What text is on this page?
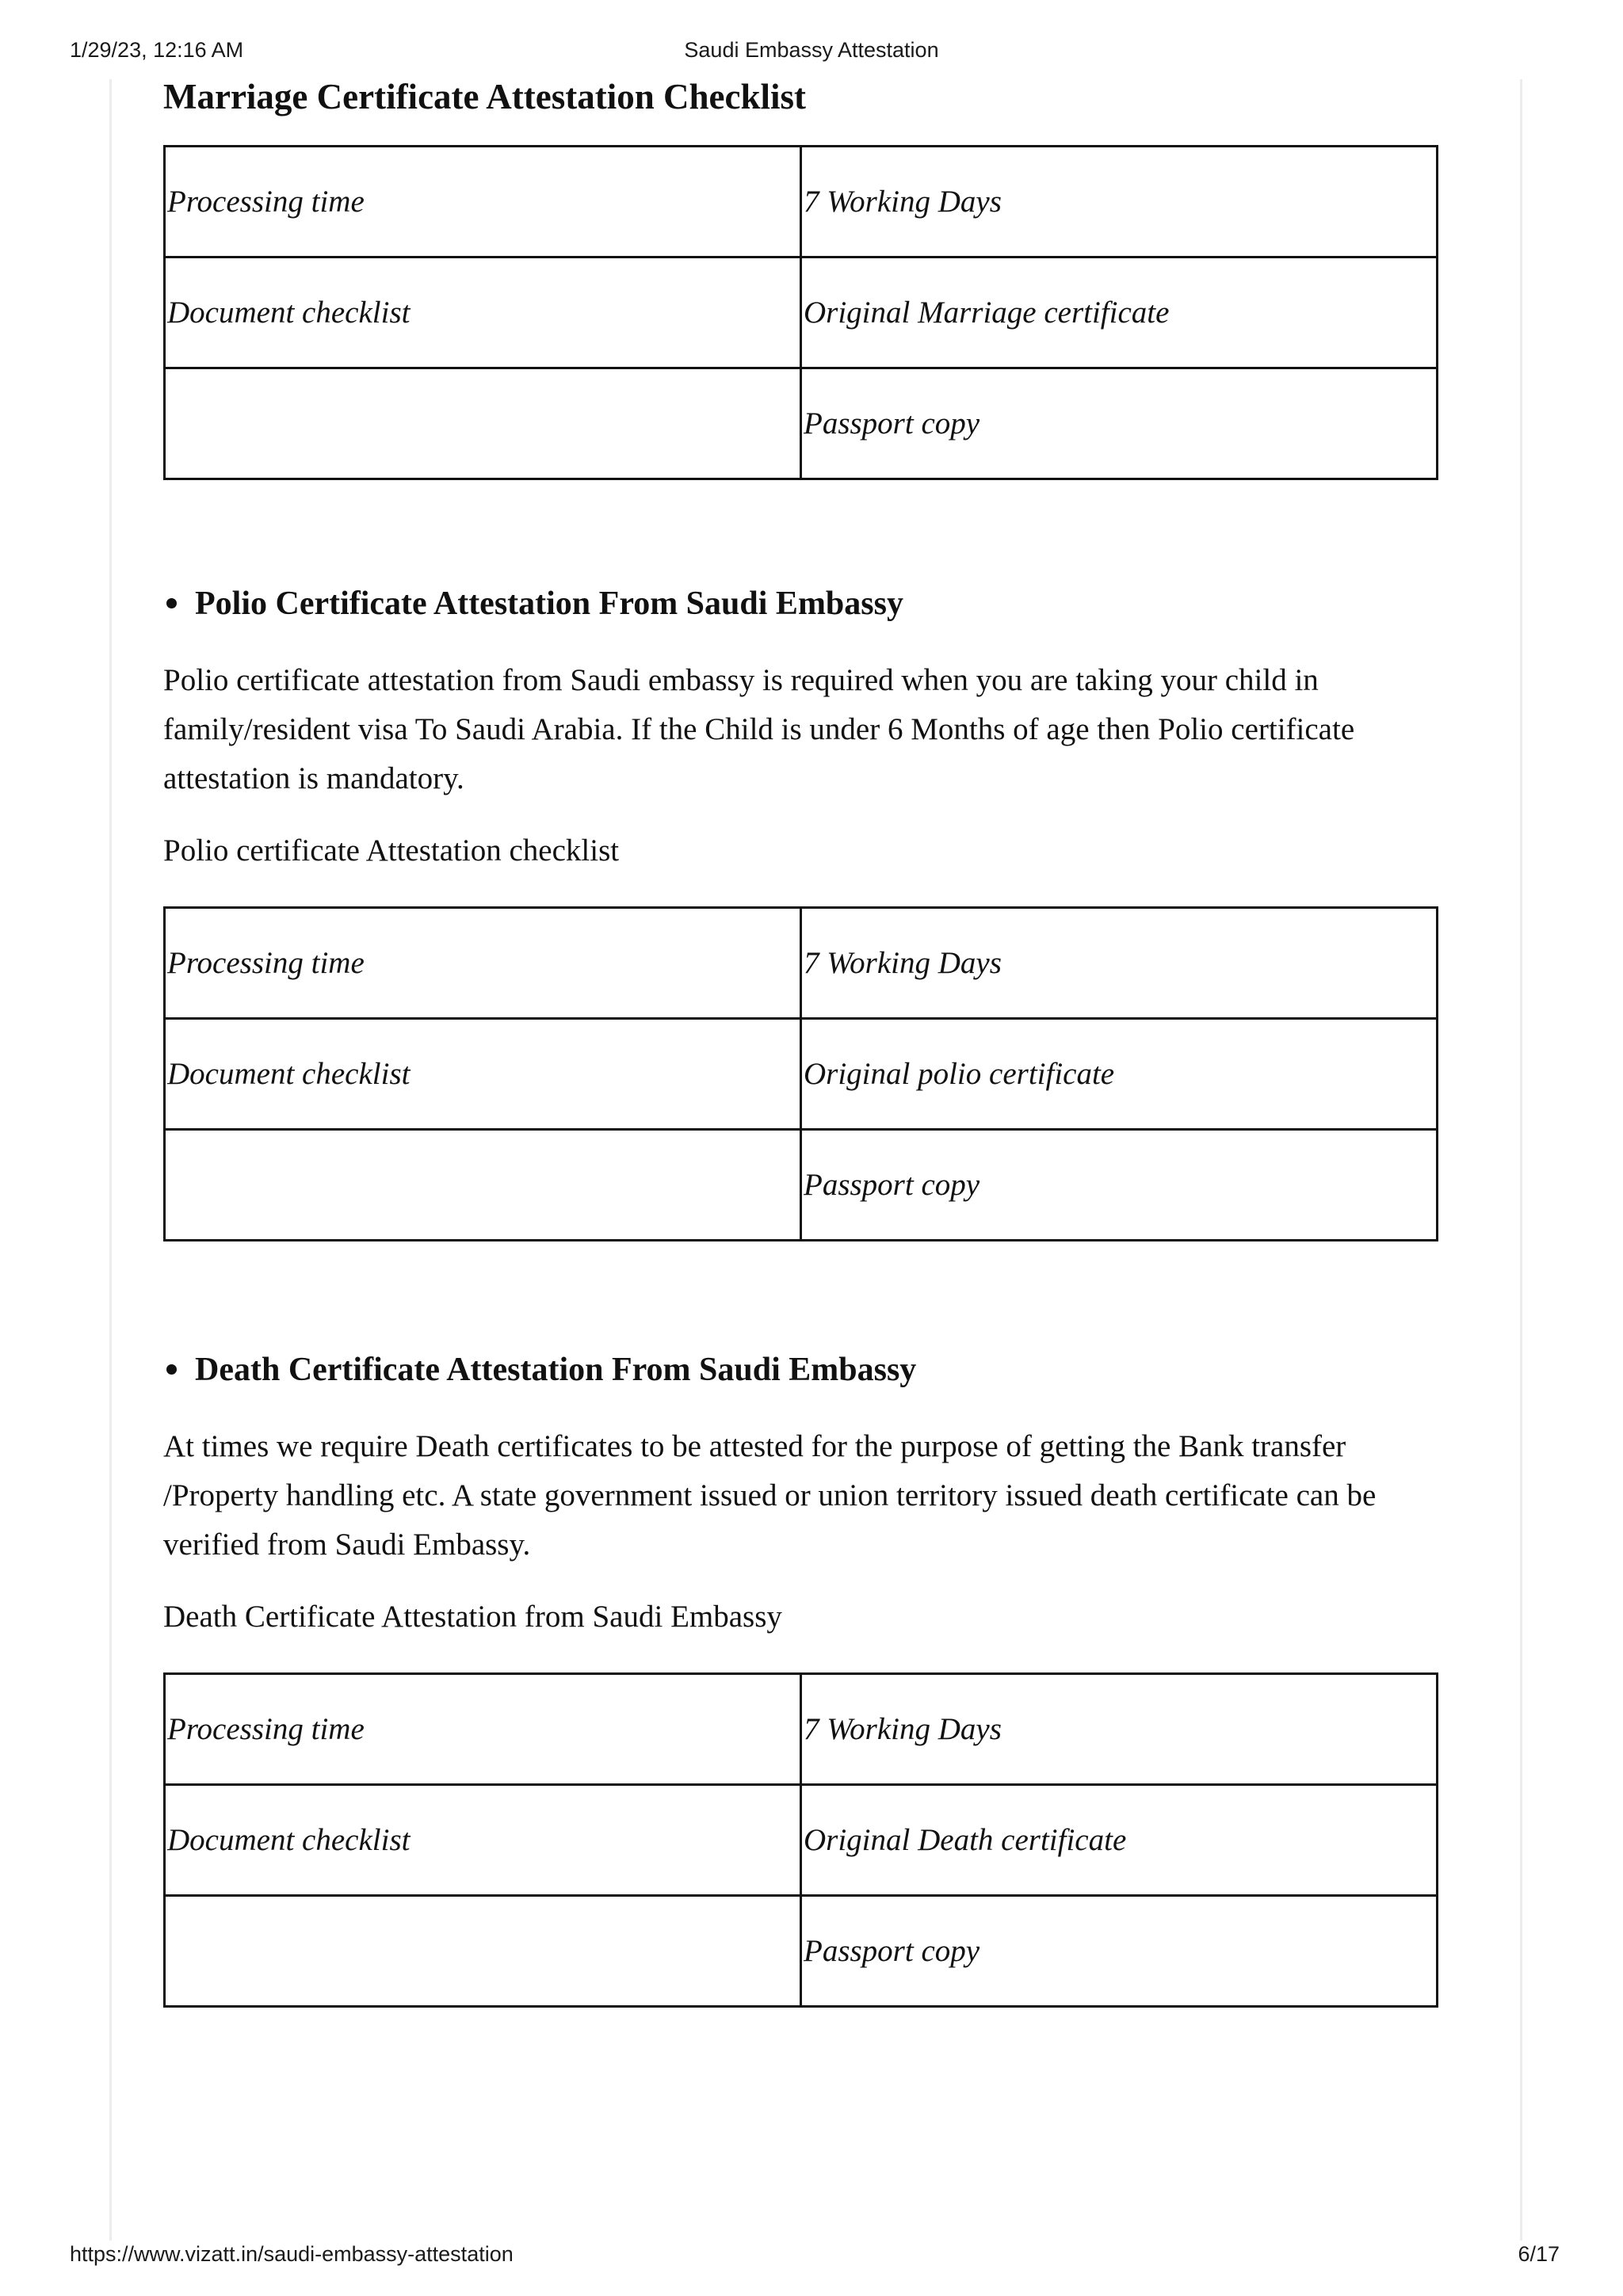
Saudi Embassy Attestation
1/29/23, 12:16 AM
Marriage Certificate Attestation Checklist
Processing time	7 Working Days
Document checklist	Original Marriage certificate
	Passport copy
Polio Certificate Attestation From Saudi Embassy

Polio certificate attestation from Saudi embassy is required when you are taking your child in family/resident visa To Saudi Arabia. If the Child is under 6 Months of age then Polio certificate attestation is mandatory.

Polio certificate Attestation checklist

Processing time	7 Working Days
Document checklist	Original polio certificate
	Passport copy
Death Certificate Attestation From Saudi Embassy

At times we require Death certificates to be attested for the purpose of getting the Bank transfer /Property handling etc. A state government issued or union territory issued death certificate can be verified from Saudi Embassy.

Death Certificate Attestation from Saudi Embassy

Processing time	7 Working Days
Document checklist	Original Death certificate
	Passport copy
https://www.vizatt.in/saudi-embassy-attestation	6/17
